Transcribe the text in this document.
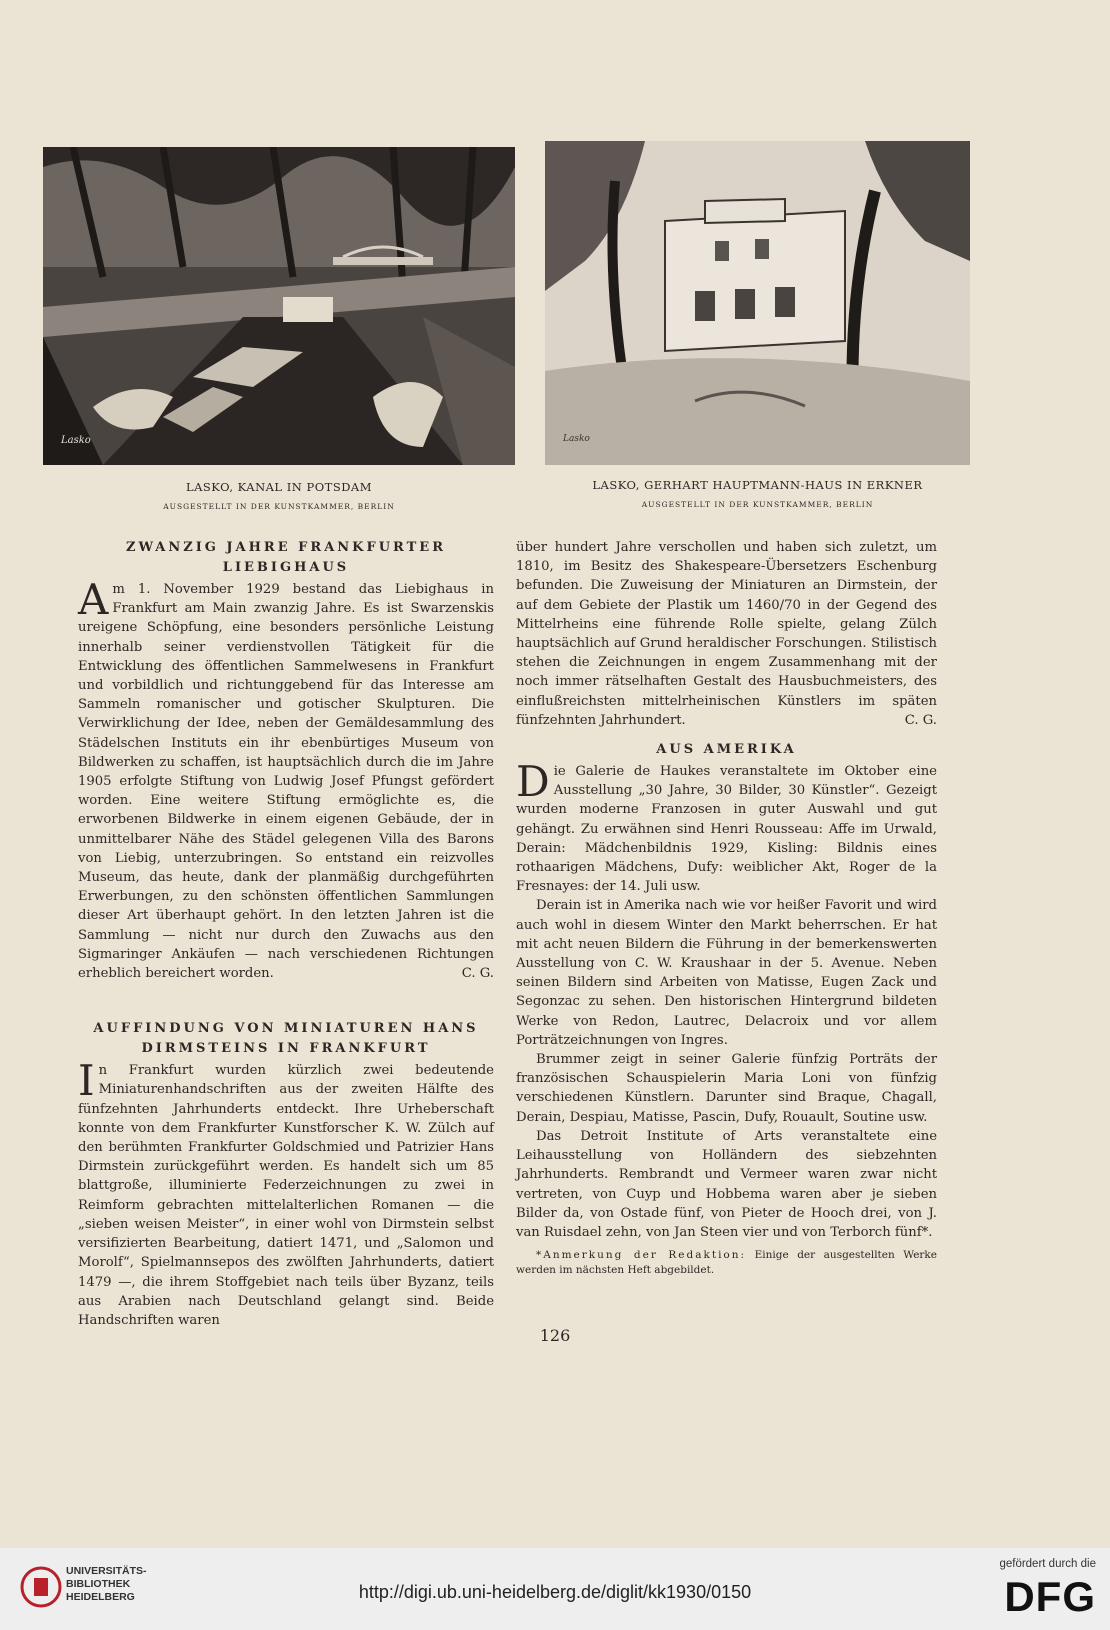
Lasko
LASKO, KANAL IN POTSDAM
AUSGESTELLT IN DER KUNSTKAMMER, BERLIN
Lasko
LASKO, GERHART HAUPTMANN-HAUS IN ERKNER
AUSGESTELLT IN DER KUNSTKAMMER, BERLIN
ZWANZIG JAHRE FRANKFURTER LIEBIGHAUS

Am 1. November 1929 bestand das Liebighaus in Frankfurt am Main zwanzig Jahre. Es ist Swarzenskis ureigene Schöpfung, eine besonders persönliche Leistung innerhalb seiner verdienstvollen Tätigkeit für die Entwicklung des öffentlichen Sammelwesens in Frankfurt und vorbildlich und richtunggebend für das Interesse am Sammeln romanischer und gotischer Skulpturen. Die Verwirklichung der Idee, neben der Gemäldesammlung des Städelschen Instituts ein ihr ebenbürtiges Museum von Bildwerken zu schaffen, ist hauptsächlich durch die im Jahre 1905 erfolgte Stiftung von Ludwig Josef Pfungst gefördert worden. Eine weitere Stiftung ermöglichte es, die erworbenen Bildwerke in einem eigenen Gebäude, der in unmittelbarer Nähe des Städel gelegenen Villa des Barons von Liebig, unterzubringen. So entstand ein reizvolles Museum, das heute, dank der planmäßig durchgeführten Erwerbungen, zu den schönsten öffentlichen Sammlungen dieser Art überhaupt gehört. In den letzten Jahren ist die Sammlung — nicht nur durch den Zuwachs aus den Sigmaringer Ankäufen — nach verschiedenen Richtungen erheblich bereichert worden.	C. G.

AUFFINDUNG VON MINIATUREN HANS DIRMSTEINS IN FRANKFURT

In Frankfurt wurden kürzlich zwei bedeutende Miniaturenhandschriften aus der zweiten Hälfte des fünfzehnten Jahrhunderts entdeckt. Ihre Urheberschaft konnte von dem Frankfurter Kunstforscher K. W. Zülch auf den berühmten Frankfurter Goldschmied und Patrizier Hans Dirmstein zurückgeführt werden. Es handelt sich um 85 blattgroße, illuminierte Federzeichnungen zu zwei in Reimform gebrachten mittelalterlichen Romanen — die „sieben weisen Meister“, in einer wohl von Dirmstein selbst versifizierten Bearbeitung, datiert 1471, und „Salomon und Morolf“, Spielmannsepos des zwölften Jahrhunderts, datiert 1479 —, die ihrem Stoffgebiet nach teils über Byzanz, teils aus Arabien nach Deutschland gelangt sind. Beide Handschriften waren

über hundert Jahre verschollen und haben sich zuletzt, um 1810, im Besitz des Shakespeare-Übersetzers Eschenburg befunden. Die Zuweisung der Miniaturen an Dirmstein, der auf dem Gebiete der Plastik um 1460/70 in der Gegend des Mittelrheins eine führende Rolle spielte, gelang Zülch hauptsächlich auf Grund heraldischer Forschungen. Stilistisch stehen die Zeichnungen in engem Zusammenhang mit der noch immer rätselhaften Gestalt des Hausbuchmeisters, des einflußreichsten mittelrheinischen Künstlers im späten fünfzehnten Jahrhundert.	C. G.

AUS AMERIKA

Die Galerie de Haukes veranstaltete im Oktober eine Ausstellung „30 Jahre, 30 Bilder, 30 Künstler“. Gezeigt wurden moderne Franzosen in guter Auswahl und gut gehängt. Zu erwähnen sind Henri Rousseau: Affe im Urwald, Derain: Mädchenbildnis 1929, Kisling: Bildnis eines rothaarigen Mädchens, Dufy: weiblicher Akt, Roger de la Fresnayes: der 14. Juli usw.

Derain ist in Amerika nach wie vor heißer Favorit und wird auch wohl in diesem Winter den Markt beherrschen. Er hat mit acht neuen Bildern die Führung in der bemerkenswerten Ausstellung von C. W. Kraushaar in der 5. Avenue. Neben seinen Bildern sind Arbeiten von Matisse, Eugen Zack und Segonzac zu sehen. Den historischen Hintergrund bildeten Werke von Redon, Lautrec, Delacroix und vor allem Porträtzeichnungen von Ingres.

Brummer zeigt in seiner Galerie fünfzig Porträts der französischen Schauspielerin Maria Loni von fünfzig verschiedenen Künstlern. Darunter sind Braque, Chagall, Derain, Despiau, Matisse, Pascin, Dufy, Rouault, Soutine usw.

Das Detroit Institute of Arts veranstaltete eine Leihausstellung von Holländern des siebzehnten Jahrhunderts. Rembrandt und Vermeer waren zwar nicht vertreten, von Cuyp und Hobbema waren aber je sieben Bilder da, von Ostade fünf, von Pieter de Hooch drei, von J. van Ruisdael zehn, von Jan Steen vier und von Terborch fünf*.

*Anmerkung der Redaktion: Einige der ausgestellten Werke werden im nächsten Heft abgebildet.

126
UNIVERSITÄTS-
BIBLIOTHEK
HEIDELBERG	http://digi.ub.uni-heidelberg.de/diglit/kk1930/0150
gefördert durch die
DFG
